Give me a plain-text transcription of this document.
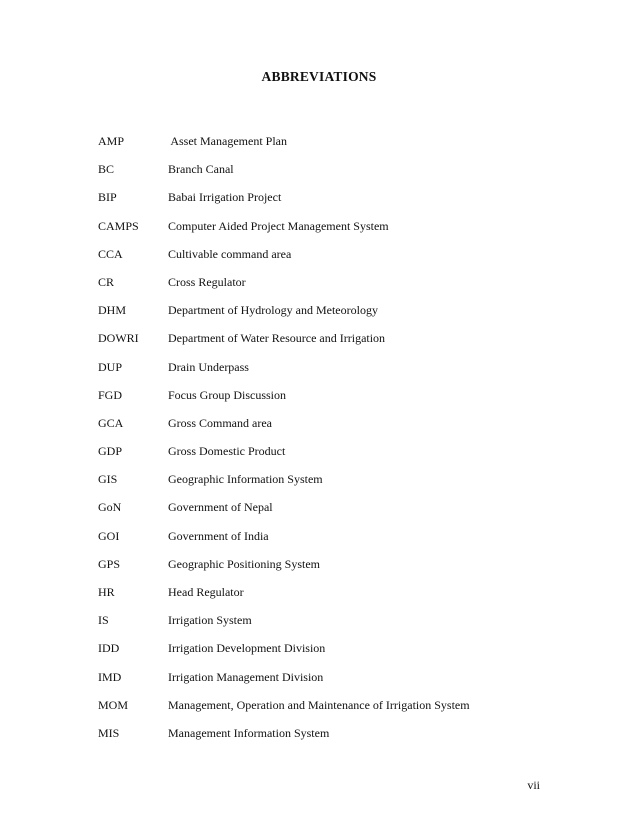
ABBREVIATIONS
AMP	Asset Management Plan
BC	Branch Canal
BIP	Babai Irrigation Project
CAMPS Computer Aided Project Management System
CCA	Cultivable command area
CR	Cross Regulator
DHM	Department of Hydrology and Meteorology
DOWRI Department of Water Resource and Irrigation
DUP	Drain Underpass
FGD	Focus Group Discussion
GCA	Gross Command area
GDP	Gross Domestic Product
GIS	Geographic Information System
GoN	Government of Nepal
GOI	Government of India
GPS	Geographic Positioning System
HR	Head Regulator
IS	Irrigation System
IDD	Irrigation Development Division
IMD	Irrigation Management Division
MOM	Management, Operation and Maintenance of Irrigation System
MIS	Management Information System
vii
